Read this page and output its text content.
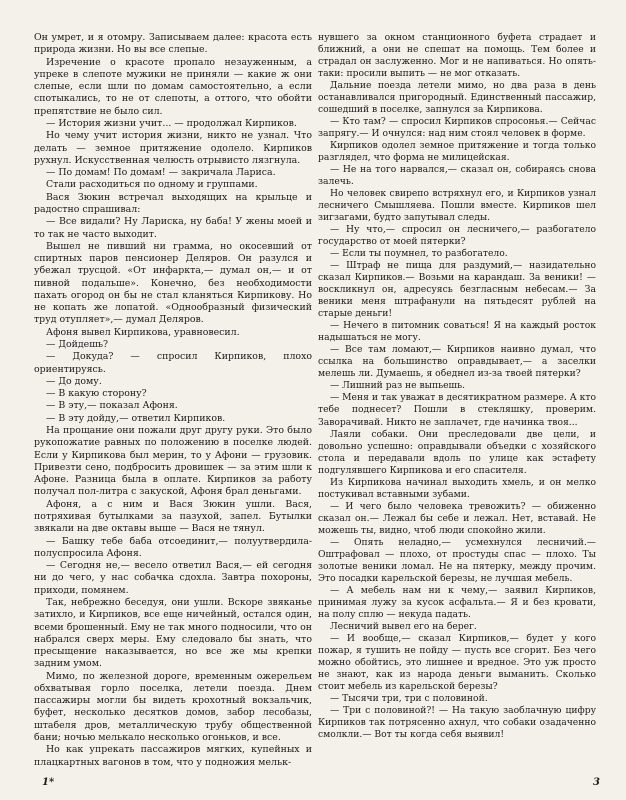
Он умрет, и я отомру. Записываем далее: красота есть природа жизни. Но вы все слепые.

Изречение о красоте пропало незауженным, а упреке в слепоте мужики не приняли — какие ж они слепые, если шли по домам самостоятельно, а если спотыкались, то не от слепоты, а оттого, что обойти препятствие не было сил.

— История жизни учит... — продолжал Кирпиков.

Но чему учит история жизни, никто не узнал. Что делать — земное притяжение одолело. Кирпиков рухнул. Искусственная челюсть отрывисто лязгнула.

— По домам! По домам! — закричала Лариса.

Стали расходиться по одному и группами.

Вася Зюкин встречал выходящих на крыльце и радостно спрашивал:

— Все видали? Ну Лариска, ну баба! У жены моей и то так не часто выходит.

Вышел не пивший ни грамма, но окосевший от спиртных паров пенсионер Деляров. Он разулся и убежал трусцой. «От инфаркта,— думал он,— и от пивной подальше». Конечно, без необходимости пахать огород он бы не стал кланяться Кирпикову. Но не копать же лопатой. «Однообразный физический труд отупляет»,— думал Деляров.

Афоня вывел Кирпикова, уравновесил.

— Дойдешь?

— Докуда? — спросил Кирпиков, плохо ориентируясь.

— До дому.

— В какую сторону?

— В эту,— показал Афоня.

— В эту дойду,— ответил Кирпиков.

На прощание они пожали друг другу руки. Это было рукопожатие равных по положению в поселке людей. Если у Кирпикова был мерин, то у Афони — грузовик. Привезти сено, подбросить дровишек — за этим шли к Афоне. Разница была в оплате. Кирпиков за работу получал пол-литра с закуской, Афоня брал деньгами.

Афоня, а с ним и Вася Зюкин ушли. Вася, потряхивая бутылками за пазухой, запел. Бутылки звякали на две октавы выше — Вася не тянул.

— Башку тебе баба отсоединит,— полуутвердила-полуспросила Афоня.

— Сегодня не,— весело ответил Вася,— ей сегодня ни до чего, у нас собачка сдохла. Завтра похороны, приходи, помянем.

Так, небрежно беседуя, они ушли. Вскоре звяканье затихло, и Кирпиков, все еще ничейный, остался один, всеми брошенный. Ему не так много подносили, что он набрался сверх меры. Ему следовало бы знать, что пресыщение наказывается, но все же мы крепки задним умом.

Мимо, по железной дороге, временным ожерельем обхватывая горло поселка, летели поезда. Днем пассажиры могли бы видеть крохотный вокзальчик, буфет, несколько десятков домов, забор лесобазы, штабеля дров, металлическую трубу общественной бани; ночью мелькало несколько огоньков, и все.

Но как упрекать пассажиров мягких, купейных и плацкартных вагонов в том, что у подножия мельк-

нувшего за окном станционного буфета страдает и ближний, а они не спешат на помощь. Тем более и страдал он заслуженно. Мог и не напиваться. Но опять-таки: просили выпить — не мог отказать.

Дальние поезда летели мимо, но два раза в день останавливался пригородный. Единственный пассажир, сошедший в поселке, запнулся за Кирпикова.

— Кто там? — спросил Кирпиков спросонья.— Сейчас запрягу.— И очнулся: над ним стоял человек в форме.

Кирпиков одолел земное притяжение и тогда только разглядел, что форма не милицейская.

— Не на того нарвался,— сказал он, собираясь снова залечь.

Но человек свирепо встряхнул его, и Кирпиков узнал лесничего Смышляева. Пошли вместе. Кирпиков шел зигзагами, будто запутывал следы.

— Ну что,— спросил он лесничего,— разбогатело государство от моей пятерки?

— Если ты поумнел, то разбогатело.

— Штраф не пища для раздумий,— назидательно сказал Кирпиков.— Возьми на карандаш. За веники! — воскликнул он, адресуясь безгласным небесам.— За веники меня штрафанули на пятьдесят рублей на старые деньги!

— Нечего в питомник соваться! Я на каждый росток надышаться не могу.

— Все там ломают,— Кирпиков наивно думал, что ссылка на большинство оправдывает,— а заселки мелешь ли. Думаешь, я обеднел из-за твоей пятерки?

— Лишний раз не выпьешь.

— Меня и так уважат в десятикратном размере. А кто тебе поднесет? Пошли в стекляшку, проверим. Заворачивай. Никто не заплачет, где начинка твоя...

Лаяли собаки. Они преследовали две цели, и довольно успешно: оправдывали объедки с хозяйского стола и передавали вдоль по улице как эстафету подгулявшего Кирпикова и его спасителя.

Из Кирпикова начинал выходить хмель, и он мелко постукивал вставными зубами.

— И чего было человека тревожить? — обиженно сказал он.— Лежал бы себе и лежал. Нет, вставай. Не можешь ты, видно, чтоб люди спокойно жили.

— Опять неладно,— усмехнулся лесничий.— Оштрафовал — плохо, от простуды спас — плохо. Ты золотые веники ломал. Не на пятерку, между прочим. Это посадки карельской березы, не лучшая мебель.

— А мебель нам ни к чему,— заявил Кирпиков, принимая лужу за кусок асфальта.— Я и без кровати, на полу сплю — некуда падать.

Лесничий вывел его на берег.

— И вообще,— сказал Кирпиков,— будет у кого пожар, я тушить не пойду — пусть все сгорит. Без чего можно обойтись, это лишнее и вредное. Это уж просто не знают, как из народа деньги выманить. Сколько стоит мебель из карельской березы?

— Тысячи три, три с половиной.

— Три с половиной?! — На такую заоблачную цифру Кирпиков так потрясенно ахнул, что собаки озадаченно смолкли.— Вот ты когда себя выявил!

1*	3
